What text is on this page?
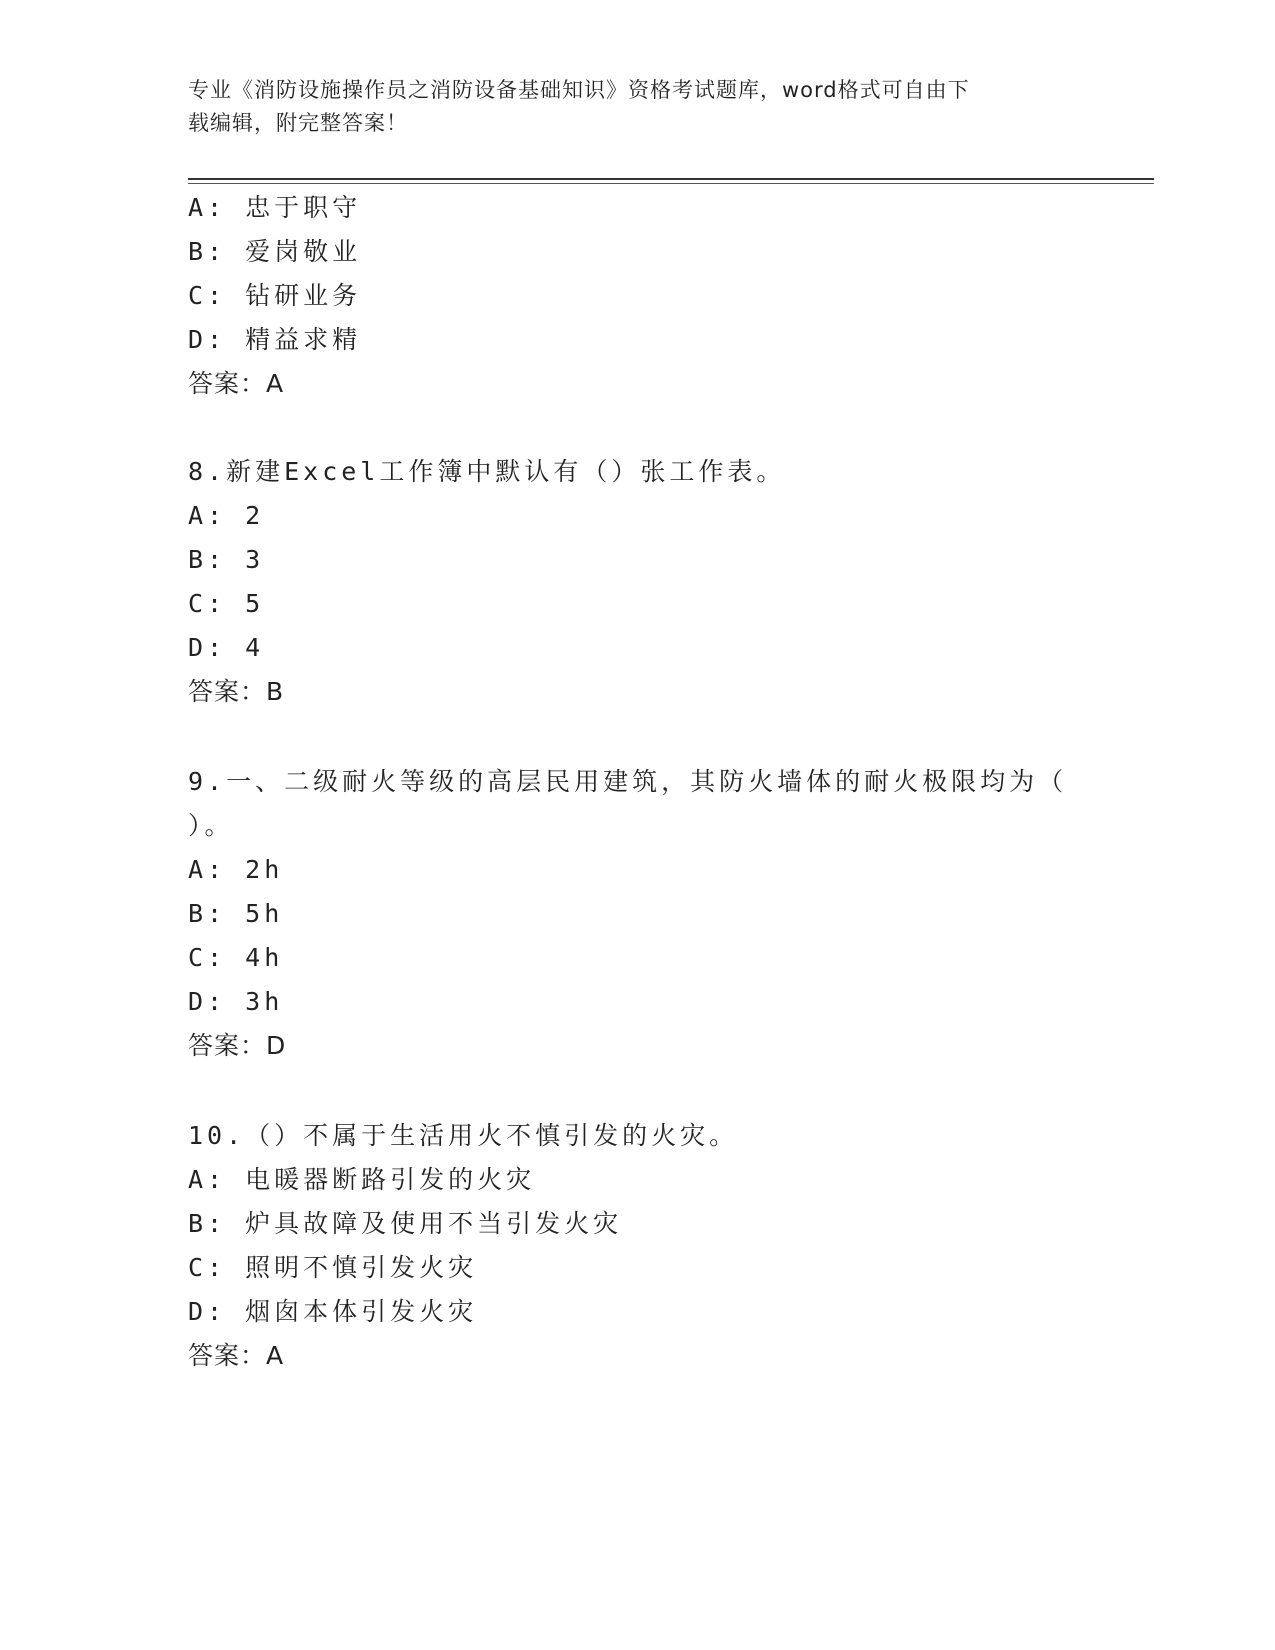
专业《消防设施操作员之消防设备基础知识》资格考试题库，word格式可自由下
载编辑，附完整答案！
A: 忠于职守
B: 爱岗敬业
C: 钻研业务
D: 精益求精
答案：A
8.新建Excel工作簿中默认有（）张工作表。
A: 2
B: 3
C: 5
D: 4
答案：B
9.一、二级耐火等级的高层民用建筑，其防火墙体的耐火极限均为（
）。
A: 2h
B: 5h
C: 4h
D: 3h
答案：D
10.（）不属于生活用火不慎引发的火灾。
A: 电暖器断路引发的火灾
B: 炉具故障及使用不当引发火灾
C: 照明不慎引发火灾
D: 烟囱本体引发火灾
答案：A
